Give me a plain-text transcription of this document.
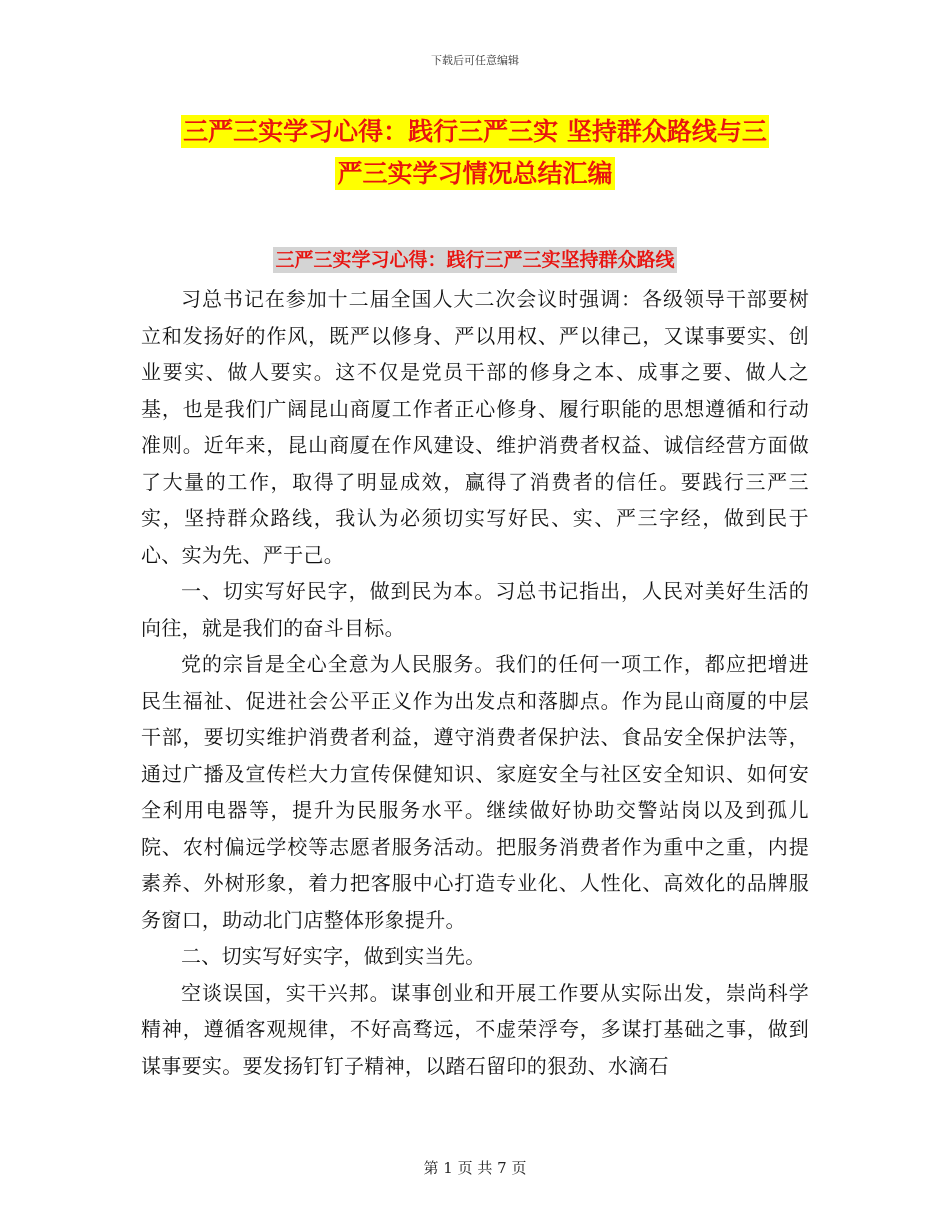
下载后可任意编辑
三严三实学习心得：践行三严三实 坚持群众路线与三
严三实学习情况总结汇编
三严三实学习心得：践行三严三实坚持群众路线

习总书记在参加十二届全国人大二次会议时强调：各级领导干部要树立和发扬好的作风，既严以修身、严以用权、严以律己，又谋事要实、创业要实、做人要实。这不仅是党员干部的修身之本、成事之要、做人之基，也是我们广阔昆山商厦工作者正心修身、履行职能的思想遵循和行动准则。近年来，昆山商厦在作风建设、维护消费者权益、诚信经营方面做了大量的工作，取得了明显成效，赢得了消费者的信任。要践行三严三实，坚持群众路线，我认为必须切实写好民、实、严三字经，做到民于心、实为先、严于己。

一、切实写好民字，做到民为本。习总书记指出，人民对美好生活的向往，就是我们的奋斗目标。

党的宗旨是全心全意为人民服务。我们的任何一项工作，都应把增进民生福祉、促进社会公平正义作为出发点和落脚点。作为昆山商厦的中层干部，要切实维护消费者利益，遵守消费者保护法、食品安全保护法等，通过广播及宣传栏大力宣传保健知识、家庭安全与社区安全知识、如何安全利用电器等，提升为民服务水平。继续做好协助交警站岗以及到孤儿院、农村偏远学校等志愿者服务活动。把服务消费者作为重中之重，内提素养、外树形象，着力把客服中心打造专业化、人性化、高效化的品牌服务窗口，助动北门店整体形象提升。

二、切实写好实字，做到实当先。

空谈误国，实干兴邦。谋事创业和开展工作要从实际出发，崇尚科学精神，遵循客观规律，不好高骛远，不虚荣浮夸，多谋打基础之事，做到谋事要实。要发扬钉钉子精神，以踏石留印的狠劲、水滴石

第 1 页 共 7 页
